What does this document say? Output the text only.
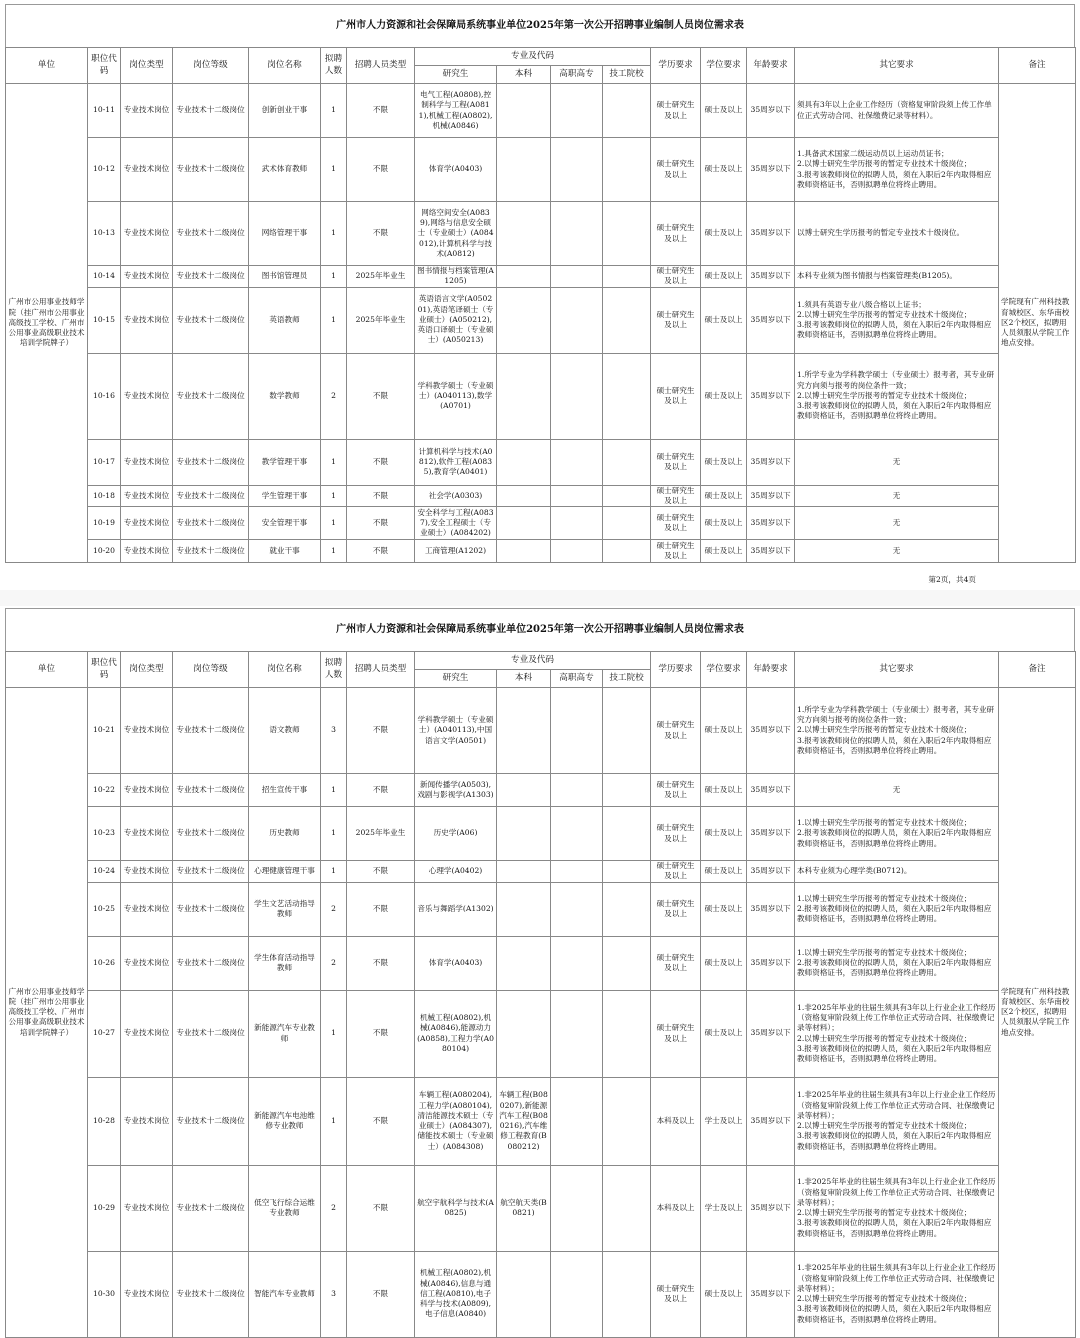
广州市人力资源和社会保障局系统事业单位2025年第一次公开招聘事业编制人员岗位需求表
单位	职位代码	岗位类型	岗位等级	岗位名称	拟聘人数	招聘人员类型	专业及代码				学历要求	学位要求	年龄要求	其它要求	备注
							研究生	本科	高职高专	技工院校					
广州市公用事业技师学院（挂广州市公用事业高级技工学校、广州市公用事业高级职业技术培训学院牌子）	10-11	专业技术岗位	专业技术十二级岗位	创新创业干事	1	不限	电气工程(A0808),控制科学与工程(A0811),机械工程(A0802),机械(A0846)				硕士研究生及以上	硕士及以上	35周岁以下	须具有3年以上企业工作经历（资格复审阶段须上传工作单位正式劳动合同、社保缴费记录等材料）。	学院现有广州科技教育城校区、东华南校区2个校区，拟聘用人员须服从学院工作地点安排。
	10-12	专业技术岗位	专业技术十二级岗位	武术体育教师	1	不限	体育学(A0403)				硕士研究生及以上	硕士及以上	35周岁以下	1.具备武术国家二级运动员以上运动员证书；
2.以博士研究生学历报考的暂定专业技术十级岗位；
3.报考该教师岗位的拟聘人员，须在入职后2年内取得相应教师资格证书，否则拟聘单位将终止聘用。	

	10-13	专业技术岗位	专业技术十二级岗位	网络管理干事	1	不限	网络空间安全(A0839),网络与信息安全硕士（专业硕士）(A084012),计算机科学与技术(A0812)				硕士研究生及以上	硕士及以上	35周岁以下	以博士研究生学历报考的暂定专业技术十级岗位。	

	10-14	专业技术岗位	专业技术十二级岗位	图书馆管理员	1	2025年毕业生	图书情报与档案管理(A1205)				硕士研究生及以上	硕士及以上	35周岁以下	本科专业须为图书情报与档案管理类(B1205)。	

	10-15	专业技术岗位	专业技术十二级岗位	英语教师	1	2025年毕业生	英语语言文学(A050201),英语笔译硕士（专业硕士）(A050212),英语口译硕士（专业硕士）(A050213)				硕士研究生及以上	硕士及以上	35周岁以下	1.须具有英语专业八级合格以上证书；
2.以博士研究生学历报考的暂定专业技术十级岗位；
3.报考该教师岗位的拟聘人员，须在入职后2年内取得相应教师资格证书，否则拟聘单位将终止聘用。	

	10-16	专业技术岗位	专业技术十二级岗位	数学教师	2	不限	学科教学硕士（专业硕士）(A040113),数学(A0701)				硕士研究生及以上	硕士及以上	35周岁以下	1.所学专业为学科教学硕士（专业硕士）报考者，其专业研究方向须与报考的岗位条件一致；
2.以博士研究生学历报考的暂定专业技术十级岗位；
3.报考该教师岗位的拟聘人员，须在入职后2年内取得相应教师资格证书，否则拟聘单位将终止聘用。	

	10-17	专业技术岗位	专业技术十二级岗位	教学管理干事	1	不限	计算机科学与技术(A0812),软件工程(A0835),教育学(A0401)				硕士研究生及以上	硕士及以上	35周岁以下	无	

	10-18	专业技术岗位	专业技术十二级岗位	学生管理干事	1	不限	社会学(A0303)				硕士研究生及以上	硕士及以上	35周岁以下	无	

	10-19	专业技术岗位	专业技术十二级岗位	安全管理干事	1	不限	安全科学与工程(A0837),安全工程硕士（专业硕士）(A084202)				硕士研究生及以上	硕士及以上	35周岁以下	无	

	10-20	专业技术岗位	专业技术十二级岗位	就业干事	1	不限	工商管理(A1202)				硕士研究生及以上	硕士及以上	35周岁以下	无	
第2页，共4页
广州市人力资源和社会保障局系统事业单位2025年第一次公开招聘事业编制人员岗位需求表
单位	职位代码	岗位类型	岗位等级	岗位名称	拟聘人数	招聘人员类型	专业及代码				学历要求	学位要求	年龄要求	其它要求	备注
							研究生	本科	高职高专	技工院校					
广州市公用事业技师学院（挂广州市公用事业高级技工学校、广州市公用事业高级职业技术培训学院牌子）	10-21	专业技术岗位	专业技术十二级岗位	语文教师	3	不限	学科教学硕士（专业硕士）(A040113),中国语言文学(A0501)				硕士研究生及以上	硕士及以上	35周岁以下	1.所学专业为学科教学硕士（专业硕士）报考者，其专业研究方向须与报考的岗位条件一致；
2.以博士研究生学历报考的暂定专业技术十级岗位；
3.报考该教师岗位的拟聘人员，须在入职后2年内取得相应教师资格证书，否则拟聘单位将终止聘用。	学院现有广州科技教育城校区、东华南校区2个校区，拟聘用人员须服从学院工作地点安排。
	10-22	专业技术岗位	专业技术十二级岗位	招生宣传干事	1	不限	新闻传播学(A0503),戏剧与影视学(A1303)				硕士研究生及以上	硕士及以上	35周岁以下	无	

	10-23	专业技术岗位	专业技术十二级岗位	历史教师	1	2025年毕业生	历史学(A06)				硕士研究生及以上	硕士及以上	35周岁以下	1.以博士研究生学历报考的暂定专业技术十级岗位；
2.报考该教师岗位的拟聘人员，须在入职后2年内取得相应教师资格证书，否则拟聘单位将终止聘用。	

	10-24	专业技术岗位	专业技术十二级岗位	心理健康管理干事	1	不限	心理学(A0402)				硕士研究生及以上	硕士及以上	35周岁以下	本科专业须为心理学类(B0712)。	

	10-25	专业技术岗位	专业技术十二级岗位	学生文艺活动指导教师	2	不限	音乐与舞蹈学(A1302)				硕士研究生及以上	硕士及以上	35周岁以下	1.以博士研究生学历报考的暂定专业技术十级岗位；
2.报考该教师岗位的拟聘人员，须在入职后2年内取得相应教师资格证书，否则拟聘单位将终止聘用。	

	10-26	专业技术岗位	专业技术十二级岗位	学生体育活动指导教师	2	不限	体育学(A0403)				硕士研究生及以上	硕士及以上	35周岁以下	1.以博士研究生学历报考的暂定专业技术十级岗位；
2.报考该教师岗位的拟聘人员，须在入职后2年内取得相应教师资格证书，否则拟聘单位将终止聘用。	

	10-27	专业技术岗位	专业技术十二级岗位	新能源汽车专业教师	1	不限	机械工程(A0802),机械(A0846),能源动力(A0858),工程力学(A080104)				硕士研究生及以上	硕士及以上	35周岁以下	1.非2025年毕业的往届生须具有3年以上行业企业工作经历（资格复审阶段须上传工作单位正式劳动合同、社保缴费记录等材料）；
2.以博士研究生学历报考的暂定专业技术十级岗位；
3.报考该教师岗位的拟聘人员，须在入职后2年内取得相应教师资格证书，否则拟聘单位将终止聘用。	

	10-28	专业技术岗位	专业技术十二级岗位	新能源汽车电池维修专业教师	1	不限	车辆工程(A080204),工程力学(A080104),清洁能源技术硕士（专业硕士）(A084307),储能技术硕士（专业硕士）(A084308)	车辆工程(B080207),新能源汽车工程(B080216),汽车维修工程教育(B080212)			本科及以上	学士及以上	35周岁以下	1.非2025年毕业的往届生须具有3年以上行业企业工作经历（资格复审阶段须上传工作单位正式劳动合同、社保缴费记录等材料）；
2.以博士研究生学历报考的暂定专业技术十级岗位；
3.报考该教师岗位的拟聘人员，须在入职后2年内取得相应教师资格证书，否则拟聘单位将终止聘用。	

	10-29	专业技术岗位	专业技术十二级岗位	低空飞行综合运维专业教师	2	不限	航空宇航科学与技术(A0825)	航空航天类(B0821)			本科及以上	学士及以上	35周岁以下	1.非2025年毕业的往届生须具有3年以上行业企业工作经历（资格复审阶段须上传工作单位正式劳动合同、社保缴费记录等材料）；
2.以博士研究生学历报考的暂定专业技术十级岗位；
3.报考该教师岗位的拟聘人员，须在入职后2年内取得相应教师资格证书，否则拟聘单位将终止聘用。	

	10-30	专业技术岗位	专业技术十二级岗位	智能汽车专业教师	3	不限	机械工程(A0802),机械(A0846),信息与通信工程(A0810),电子科学与技术(A0809),电子信息(A0840)				硕士研究生及以上	硕士及以上	35周岁以下	1.非2025年毕业的往届生须具有3年以上行业企业工作经历（资格复审阶段须上传工作单位正式劳动合同、社保缴费记录等材料）；
2.以博士研究生学历报考的暂定专业技术十级岗位；
3.报考该教师岗位的拟聘人员，须在入职后2年内取得相应教师资格证书，否则拟聘单位将终止聘用。	
